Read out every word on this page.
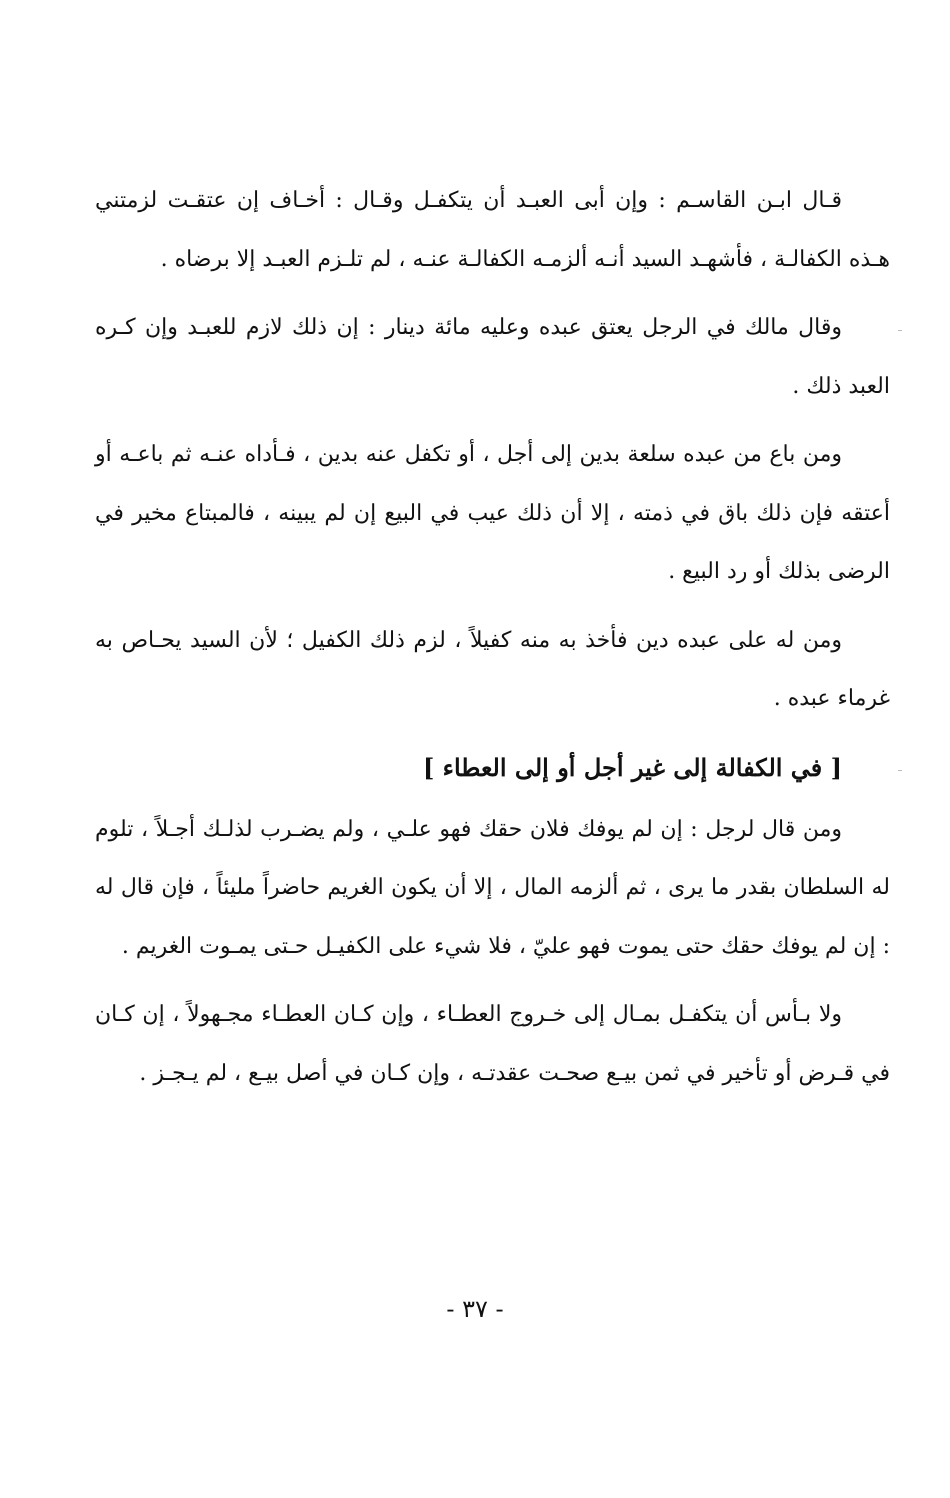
قـال ابـن القاسـم : وإن أبى العبـد أن يتكفـل وقـال : أخـاف إن عتقـت لزمتني هـذه الكفالـة ، فأشهـد السيد أنـه ألزمـه الكفالـة عنـه ، لم تلـزم العبـد إلا برضاه .

وقال مالك في الرجل يعتق عبده وعليه مائة دينار : إن ذلك لازم للعبـد وإن كـره العبد ذلك .

ومن باع من عبده سلعة بدين إلى أجل ، أو تكفل عنه بدين ، فـأداه عنـه ثم باعـه أو أعتقه فإن ذلك باق في ذمته ، إلا أن ذلك عيب في البيع إن لم يبينه ، فالمبتاع مخير في الرضى بذلك أو رد البيع .

ومن له على عبده دين فأخذ به منه كفيلاً ، لزم ذلك الكفيل ؛ لأن السيد يحـاص به غرماء عبده .

[ في الكفالة إلى غير أجل أو إلى العطاء ]

ومن قال لرجل : إن لم يوفك فلان حقك فهو علـي ، ولم يضـرب لذلـك أجـلاً ، تلوم له السلطان بقدر ما يرى ، ثم ألزمه المال ، إلا أن يكون الغريم حاضراً مليئاً ، فإن قال له : إن لم يوفك حقك حتى يموت فهو عليّ ، فلا شيء على الكفيـل حـتى يمـوت الغريم .

ولا بـأس أن يتكفـل بمـال إلى خـروج العطـاء ، وإن كـان العطـاء مجـهولاً ، إن كـان في قـرض أو تأخير في ثمن بيـع صحـت عقدتـه ، وإن كـان في أصل بيـع ، لم يـجـز .

- ٣٧ -
